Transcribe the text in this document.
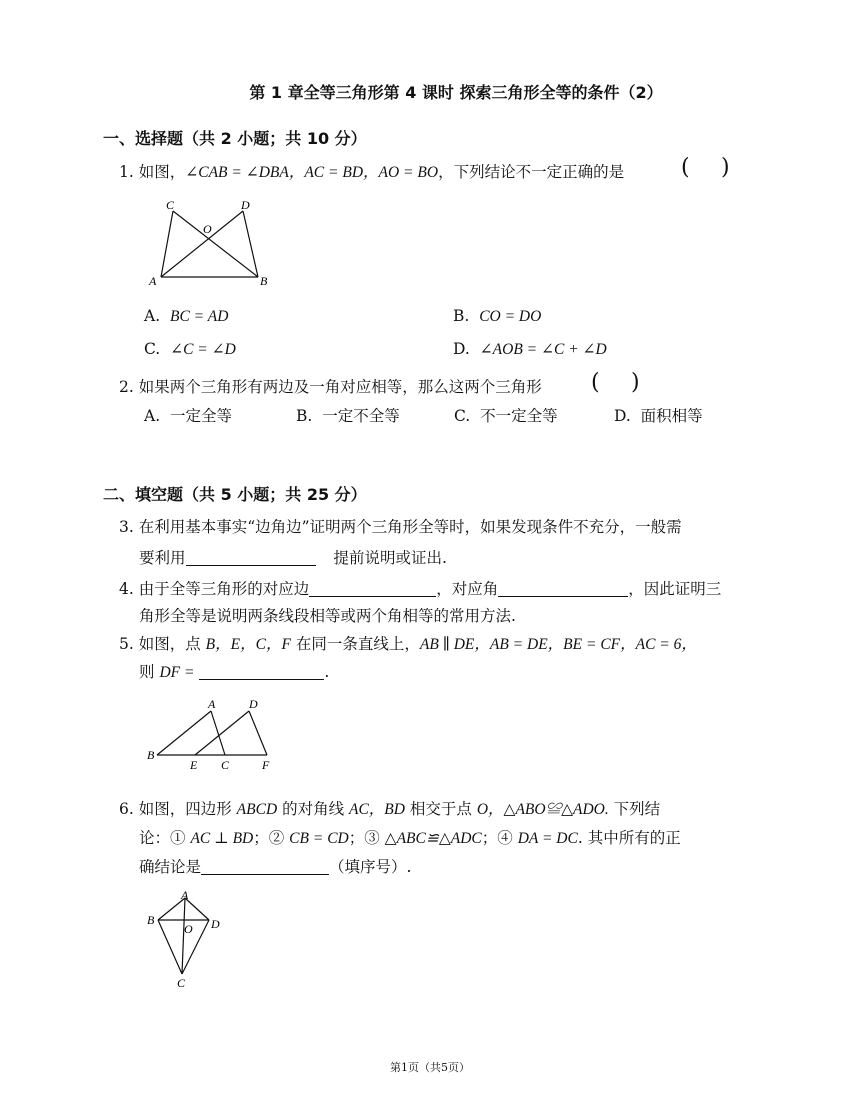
第 1 章全等三角形第 4 课时 探索三角形全等的条件（2）
一、选择题（共 2 小题；共 10 分）
1. 如图，∠CAB = ∠DBA，AC = BD，AO = BO，下列结论不一定正确的是	( )
C	D
O
A	B
A. BC = AD	B. CO = DO
C. ∠C = ∠D	D. ∠AOB = ∠C + ∠D
2. 如果两个三角形有两边及一角对应相等，那么这两个三角形 ( )
A. 一定全等	B. 一定不全等	C. 不一定全等	D. 面积相等
二、填空题（共 5 小题；共 25 分）
3. 在利用基本事实“边角边”证明两个三角形全等时，如果发现条件不充分，一般需
要利用	提前说明或证出.
4. 由于全等三角形的对应边	，对应角	，因此证明三
角形全等是说明两条线段相等或两个角相等的常用方法.
5. 如图，点 B，E，C，F 在同一条直线上，AB ∥ DE，AB = DE，BE = CF，AC = 6，
则 DF =	.
A	D
B
E C	F
6. 如图，四边形 ABCD 的对角线 AC，BD 相交于点 O，△ABO≌△ADO. 下列结
论：① AC ⊥ BD；② CB = CD；③ △ABC≌△ADC；④ DA = DC. 其中所有的正
确结论是	（填序号）.
A
B
O D
C
第1页（共5页）
